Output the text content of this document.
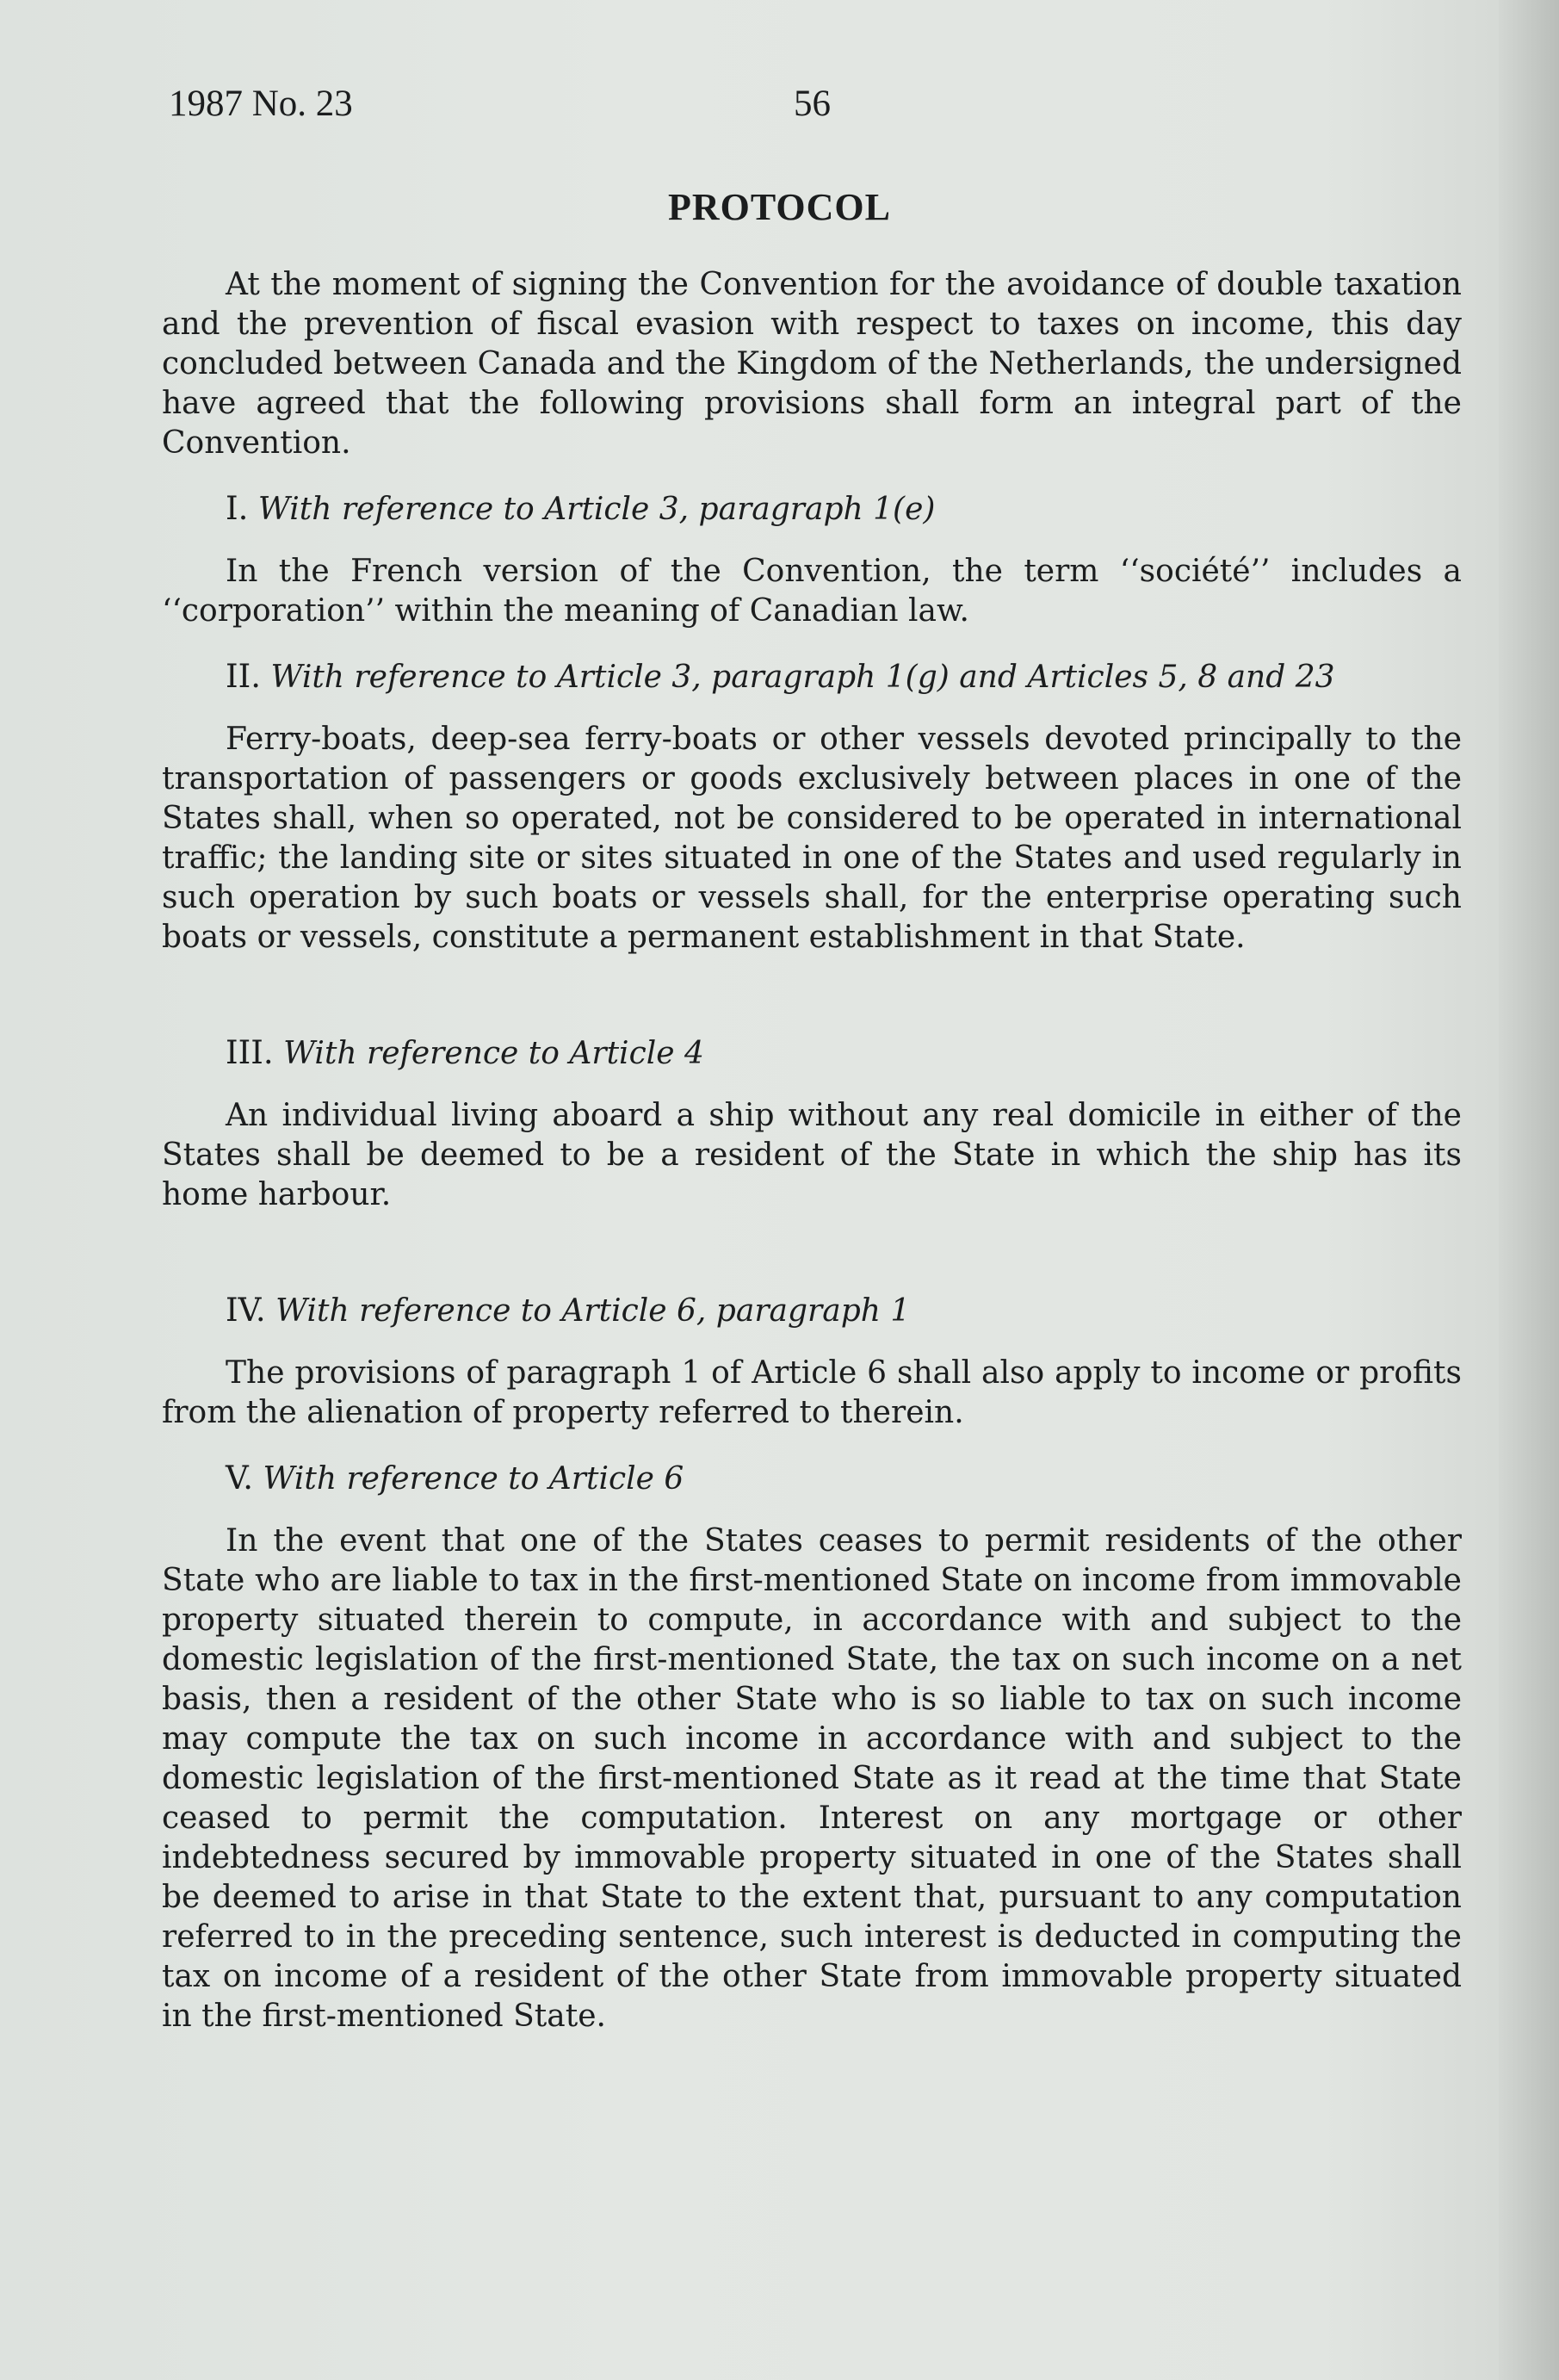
1987 No. 23	56
PROTOCOL

At the moment of signing the Convention for the avoidance of double taxation and the prevention of fiscal evasion with respect to taxes on income, this day concluded between Canada and the Kingdom of the Netherlands, the undersigned have agreed that the following provisions shall form an integral part of the Convention.

I. With reference to Article 3, paragraph 1(e)

In the French version of the Convention, the term ‘‘société’’ includes a ‘‘corporation’’ within the meaning of Canadian law.

II. With reference to Article 3, paragraph 1(g) and Articles 5, 8 and 23

Ferry-boats, deep-sea ferry-boats or other vessels devoted principally to the transportation of passengers or goods exclusively between places in one of the States shall, when so operated, not be considered to be operated in international traffic; the landing site or sites situated in one of the States and used regularly in such operation by such boats or vessels shall, for the enterprise operating such boats or vessels, constitute a permanent establishment in that State.

III. With reference to Article 4

An individual living aboard a ship without any real domicile in either of the States shall be deemed to be a resident of the State in which the ship has its home harbour.

IV. With reference to Article 6, paragraph 1

The provisions of paragraph 1 of Article 6 shall also apply to income or profits from the alienation of property referred to therein.

V. With reference to Article 6

In the event that one of the States ceases to permit residents of the other State who are liable to tax in the first-mentioned State on income from immovable property situated therein to compute, in accordance with and subject to the domestic legislation of the first-mentioned State, the tax on such income on a net basis, then a resident of the other State who is so liable to tax on such income may compute the tax on such income in accordance with and subject to the domestic legislation of the first-mentioned State as it read at the time that State ceased to permit the computation. Interest on any mortgage or other indebtedness secured by immovable property situated in one of the States shall be deemed to arise in that State to the extent that, pursuant to any computation referred to in the preceding sentence, such interest is deducted in computing the tax on income of a resident of the other State from immovable property situated in the first-mentioned State.
